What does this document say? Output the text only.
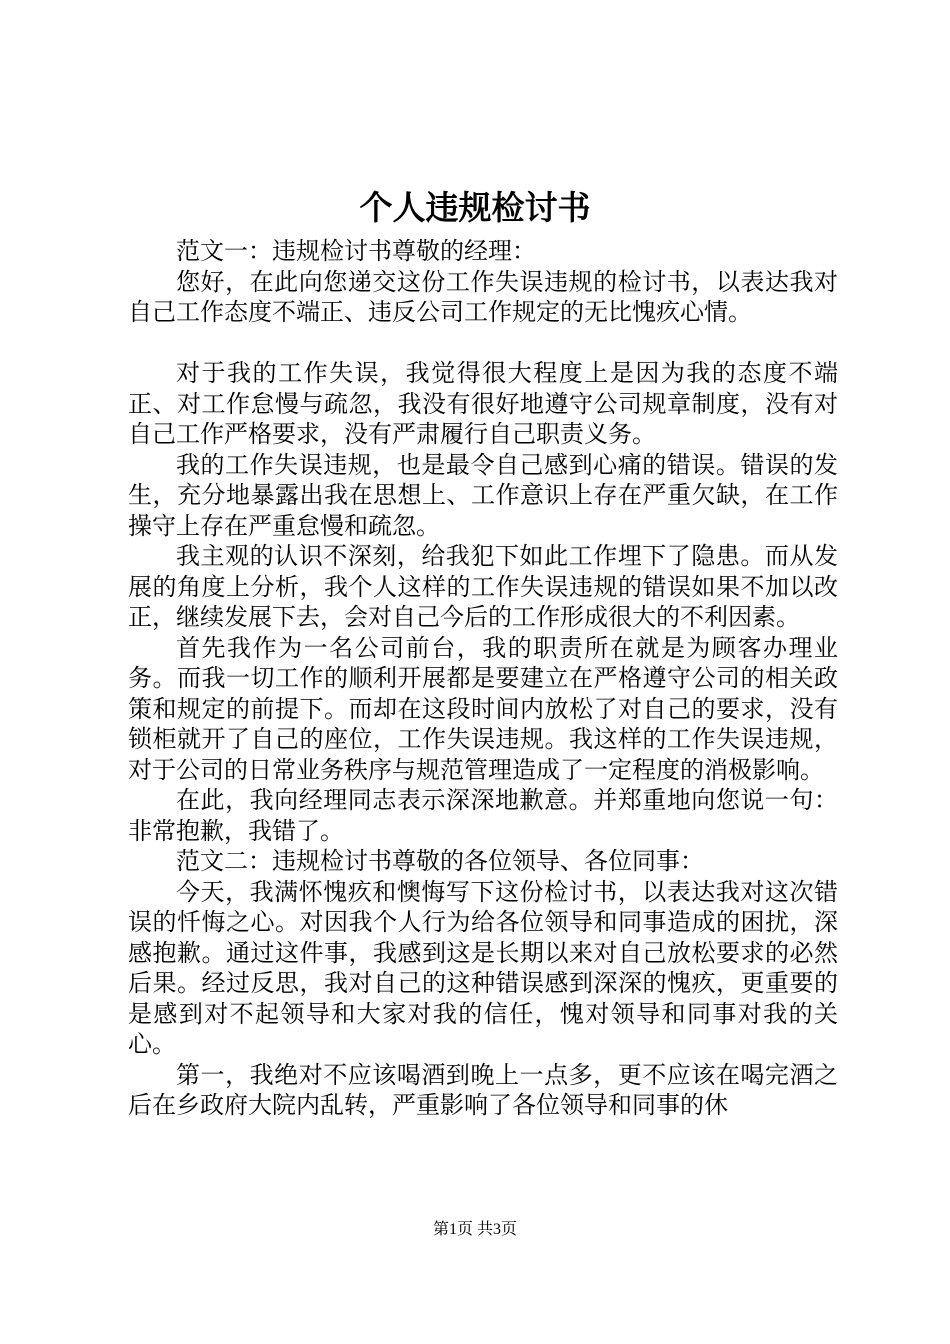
个人违规检讨书

范文一：违规检讨书尊敬的经理：

您好，在此向您递交这份工作失误违规的检讨书，以表达我对自己工作态度不端正、违反公司工作规定的无比愧疚心情。

对于我的工作失误，我觉得很大程度上是因为我的态度不端正、对工作怠慢与疏忽，我没有很好地遵守公司规章制度，没有对自己工作严格要求，没有严肃履行自己职责义务。

我的工作失误违规，也是最令自己感到心痛的错误。错误的发生，充分地暴露出我在思想上、工作意识上存在严重欠缺，在工作操守上存在严重怠慢和疏忽。

我主观的认识不深刻，给我犯下如此工作埋下了隐患。而从发展的角度上分析，我个人这样的工作失误违规的错误如果不加以改正，继续发展下去，会对自己今后的工作形成很大的不利因素。

首先我作为一名公司前台，我的职责所在就是为顾客办理业务。而我一切工作的顺利开展都是要建立在严格遵守公司的相关政策和规定的前提下。而却在这段时间内放松了对自己的要求，没有锁柜就开了自己的座位，工作失误违规。我这样的工作失误违规，对于公司的日常业务秩序与规范管理造成了一定程度的消极影响。

在此，我向经理同志表示深深地歉意。并郑重地向您说一句：非常抱歉，我错了。

范文二：违规检讨书尊敬的各位领导、各位同事：

今天，我满怀愧疚和懊悔写下这份检讨书，以表达我对这次错误的忏悔之心。对因我个人行为给各位领导和同事造成的困扰，深感抱歉。通过这件事，我感到这是长期以来对自己放松要求的必然后果。经过反思，我对自己的这种错误感到深深的愧疚，更重要的是感到对不起领导和大家对我的信任，愧对领导和同事对我的关心。

第一，我绝对不应该喝酒到晚上一点多，更不应该在喝完酒之后在乡政府大院内乱转，严重影响了各位领导和同事的休

第1页 共3页
